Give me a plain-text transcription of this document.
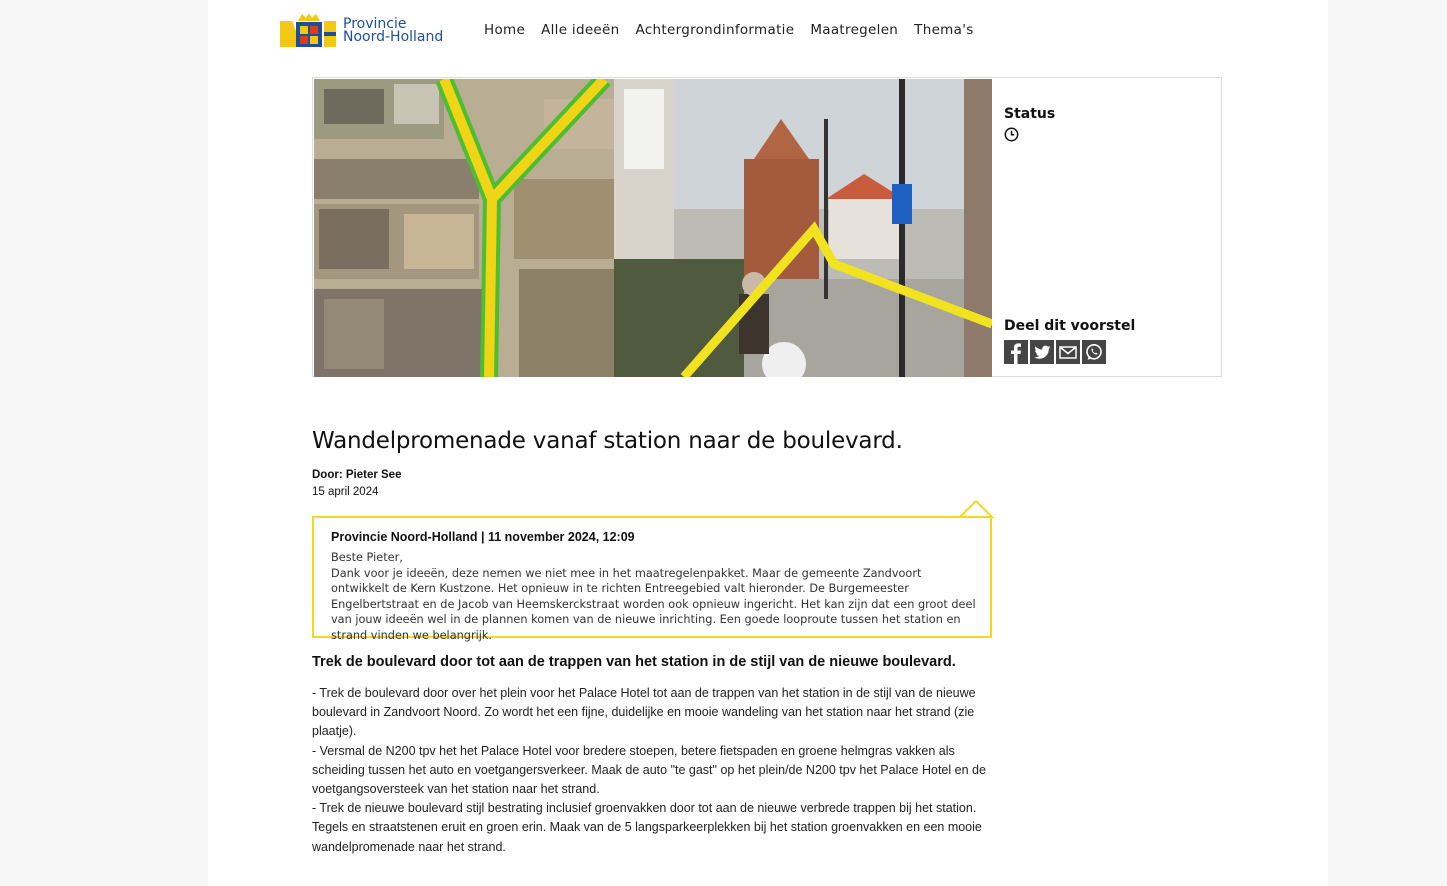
Provincie
Noord-Holland	Home Alle ideeën Achtergrondinformatie Maatregelen Thema's
Status
Deel dit voorstel
Wandelpromenade vanaf station naar de boulevard.
Door: Pieter See
15 april 2024
Provincie Noord-Holland | 11 november 2024, 12:09
Beste Pieter,
Dank voor je ideeën, deze nemen we niet mee in het maatregelenpakket. Maar de gemeente Zandvoort ontwikkelt de Kern Kustzone. Het opnieuw in te richten Entreegebied valt hieronder. De Burgemeester Engelbertstraat en de Jacob van Heemskerckstraat worden ook opnieuw ingericht. Het kan zijn dat een groot deel van jouw ideeën wel in de plannen komen van de nieuwe inrichting. Een goede looproute tussen het station en strand vinden we belangrijk.
Trek de boulevard door tot aan de trappen van het station in de stijl van de nieuwe boulevard.

- Trek de boulevard door over het plein voor het Palace Hotel tot aan de trappen van het station in de stijl van de nieuwe boulevard in Zandvoort Noord. Zo wordt het een fijne, duidelijke en mooie wandeling van het station naar het strand (zie plaatje).

- Versmal de N200 tpv het het Palace Hotel voor bredere stoepen, betere fietspaden en groene helmgras vakken als scheiding tussen het auto en voetgangersverkeer. Maak de auto "te gast" op het plein/de N200 tpv het Palace Hotel en de voetgangsoversteek van het station naar het strand.

- Trek de nieuwe boulevard stijl bestrating inclusief groenvakken door tot aan de nieuwe verbrede trappen bij het station. Tegels en straatstenen eruit en groen erin. Maak van de 5 langsparkeerplekken bij het station groenvakken en een mooie wandelpromenade naar het strand.
